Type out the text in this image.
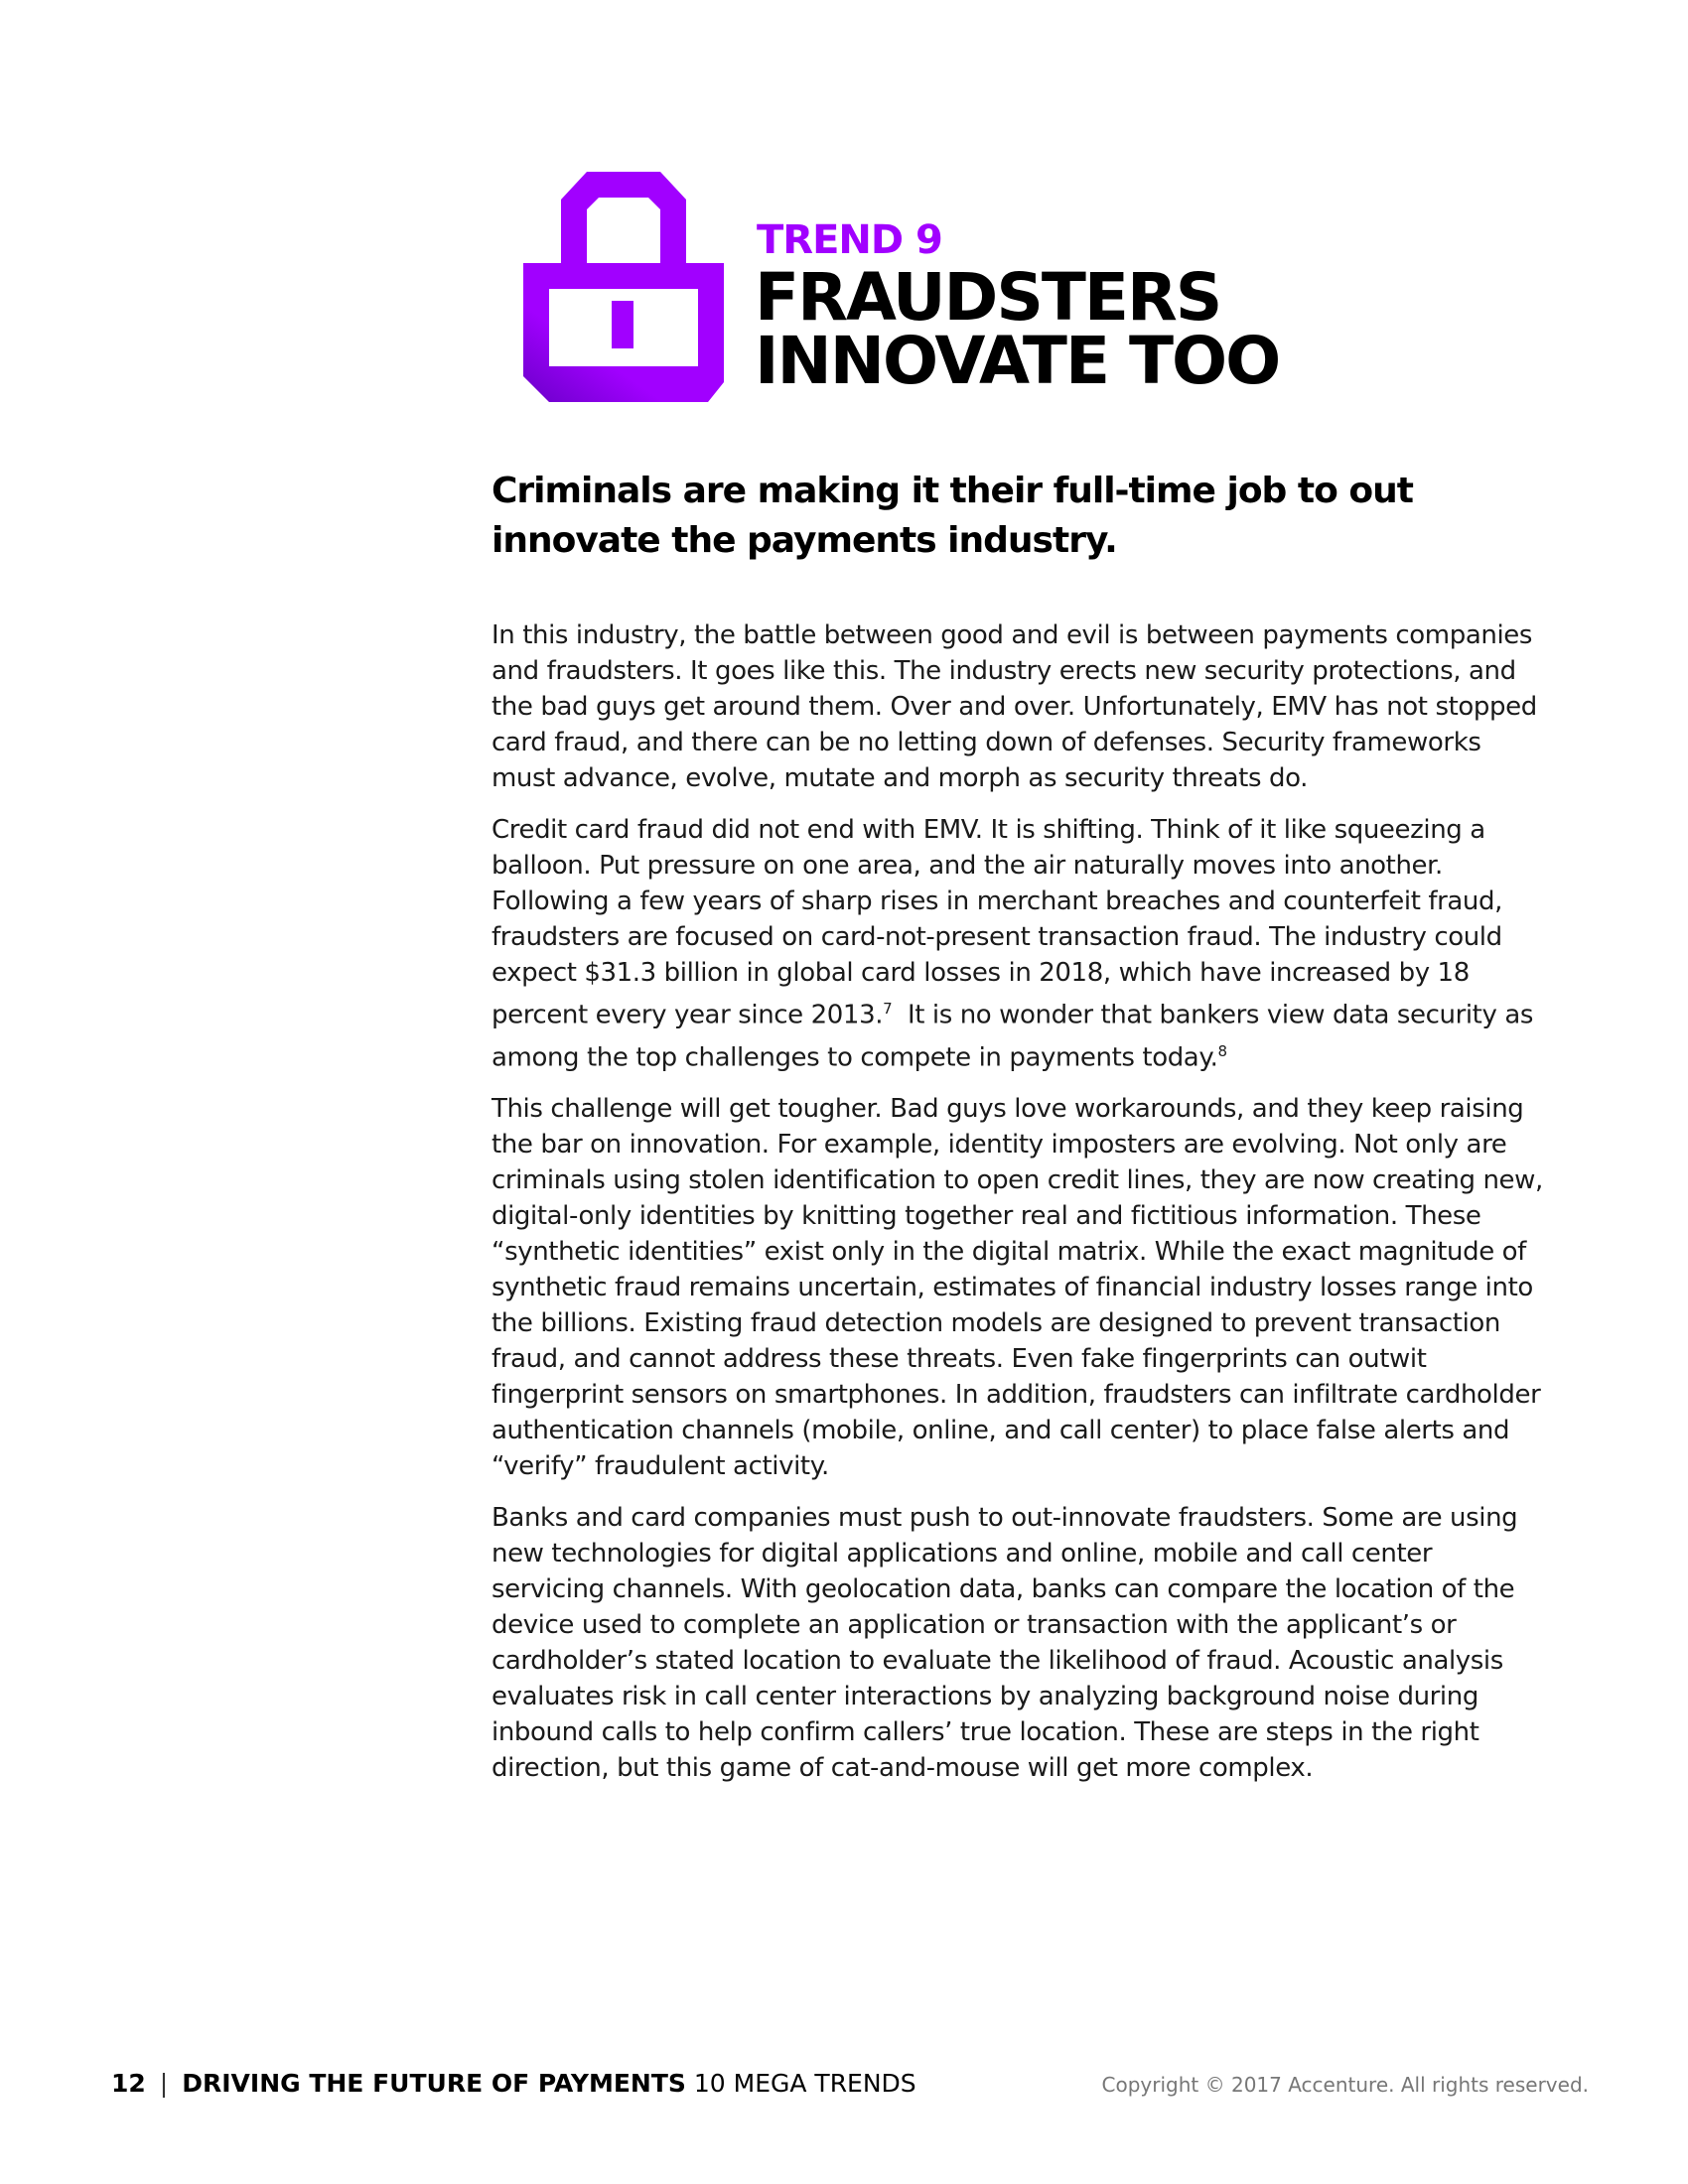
TREND 9
FRAUDSTERS
INNOVATE TOO
Criminals are making it their full-time job to out innovate the payments industry.

In this industry, the battle between good and evil is between payments companies and fraudsters. It goes like this. The industry erects new security protections, and the bad guys get around them. Over and over. Unfortunately, EMV has not stopped card fraud, and there can be no letting down of defenses. Security frameworks must advance, evolve, mutate and morph as security threats do.

Credit card fraud did not end with EMV. It is shifting. Think of it like squeezing a balloon. Put pressure on one area, and the air naturally moves into another. Following a few years of sharp rises in merchant breaches and counterfeit fraud, fraudsters are focused on card-not-present transaction fraud. The industry could expect $31.3 billion in global card losses in 2018, which have increased by 18 percent every year since 2013.$^7$ It is no wonder that bankers view data security as among the top challenges to compete in payments today.$^8$

This challenge will get tougher. Bad guys love workarounds, and they keep raising the bar on innovation. For example, identity imposters are evolving. Not only are criminals using stolen identification to open credit lines, they are now creating new, digital-only identities by knitting together real and fictitious information. These “synthetic identities” exist only in the digital matrix. While the exact magnitude of synthetic fraud remains uncertain, estimates of financial industry losses range into the billions. Existing fraud detection models are designed to prevent transaction fraud, and cannot address these threats. Even fake fingerprints can outwit fingerprint sensors on smartphones. In addition, fraudsters can infiltrate cardholder authentication channels (mobile, online, and call center) to place false alerts and “verify” fraudulent activity.

Banks and card companies must push to out-innovate fraudsters. Some are using new technologies for digital applications and online, mobile and call center servicing channels. With geolocation data, banks can compare the location of the device used to complete an application or transaction with the applicant’s or cardholder’s stated location to evaluate the likelihood of fraud. Acoustic analysis evaluates risk in call center interactions by analyzing background noise during inbound calls to help confirm callers’ true location. These are steps in the right direction, but this game of cat-and-mouse will get more complex.

12 | DRIVING THE FUTURE OF PAYMENTS 10 MEGA TRENDS	Copyright © 2017 Accenture. All rights reserved.
